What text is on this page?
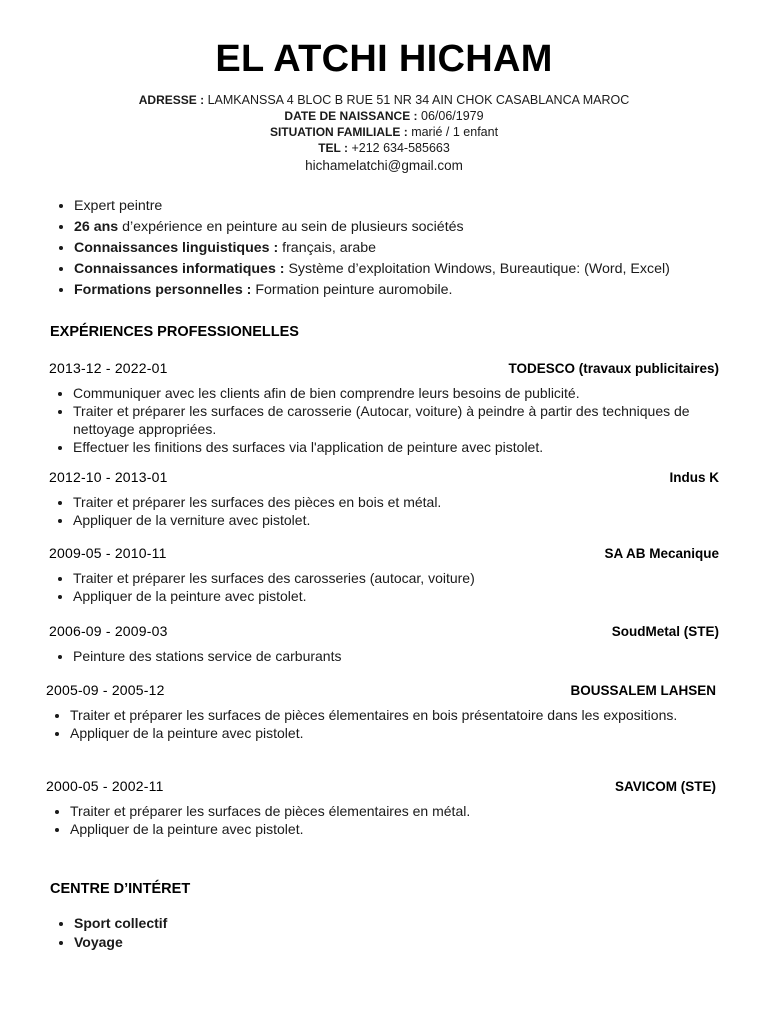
EL ATCHI HICHAM
ADRESSE : LAMKANSSA 4 BLOC B RUE 51 NR 34 AIN CHOK CASABLANCA MAROC
DATE DE NAISSANCE : 06/06/1979
SITUATION FAMILIALE : marié / 1 enfant
TEL : +212 634-585663
hichamelatchi@gmail.com
• Expert peintre
• 26 ans d’expérience en peinture au sein de plusieurs sociétés
• Connaissances linguistiques : français, arabe
• Connaissances informatiques : Système d’exploitation Windows, Bureautique: (Word, Excel)
• Formations personnelles : Formation peinture auromobile.
EXPÉRIENCES PROFESSIONELLES
2013-12 - 2022-01	TODESCO (travaux publicitaires)
• Communiquer avec les clients afin de bien comprendre leurs besoins de publicité.
• Traiter et préparer les surfaces de carosserie (Autocar, voiture) à peindre à partir des techniques de nettoyage appropriées.
• Effectuer les finitions des surfaces via l'application de peinture avec pistolet.
2012-10 - 2013-01	Indus K
• Traiter et préparer les surfaces des pièces en bois et métal.
• Appliquer de la verniture avec pistolet.
2009-05 - 2010-11	SA AB Mecanique
• Traiter et préparer les surfaces des carosseries (autocar, voiture)
• Appliquer de la peinture avec pistolet.
2006-09 - 2009-03	SoudMetal (STE)
• Peinture des stations service de carburants
2005-09 - 2005-12	BOUSSALEM LAHSEN
• Traiter et préparer les surfaces de pièces élementaires en bois présentatoire dans les expositions.
• Appliquer de la peinture avec pistolet.
2000-05 - 2002-11	SAVICOM (STE)
• Traiter et préparer les surfaces de pièces élementaires en métal.
• Appliquer de la peinture avec pistolet.
CENTRE D’INTÉRET
• Sport collectif
• Voyage
